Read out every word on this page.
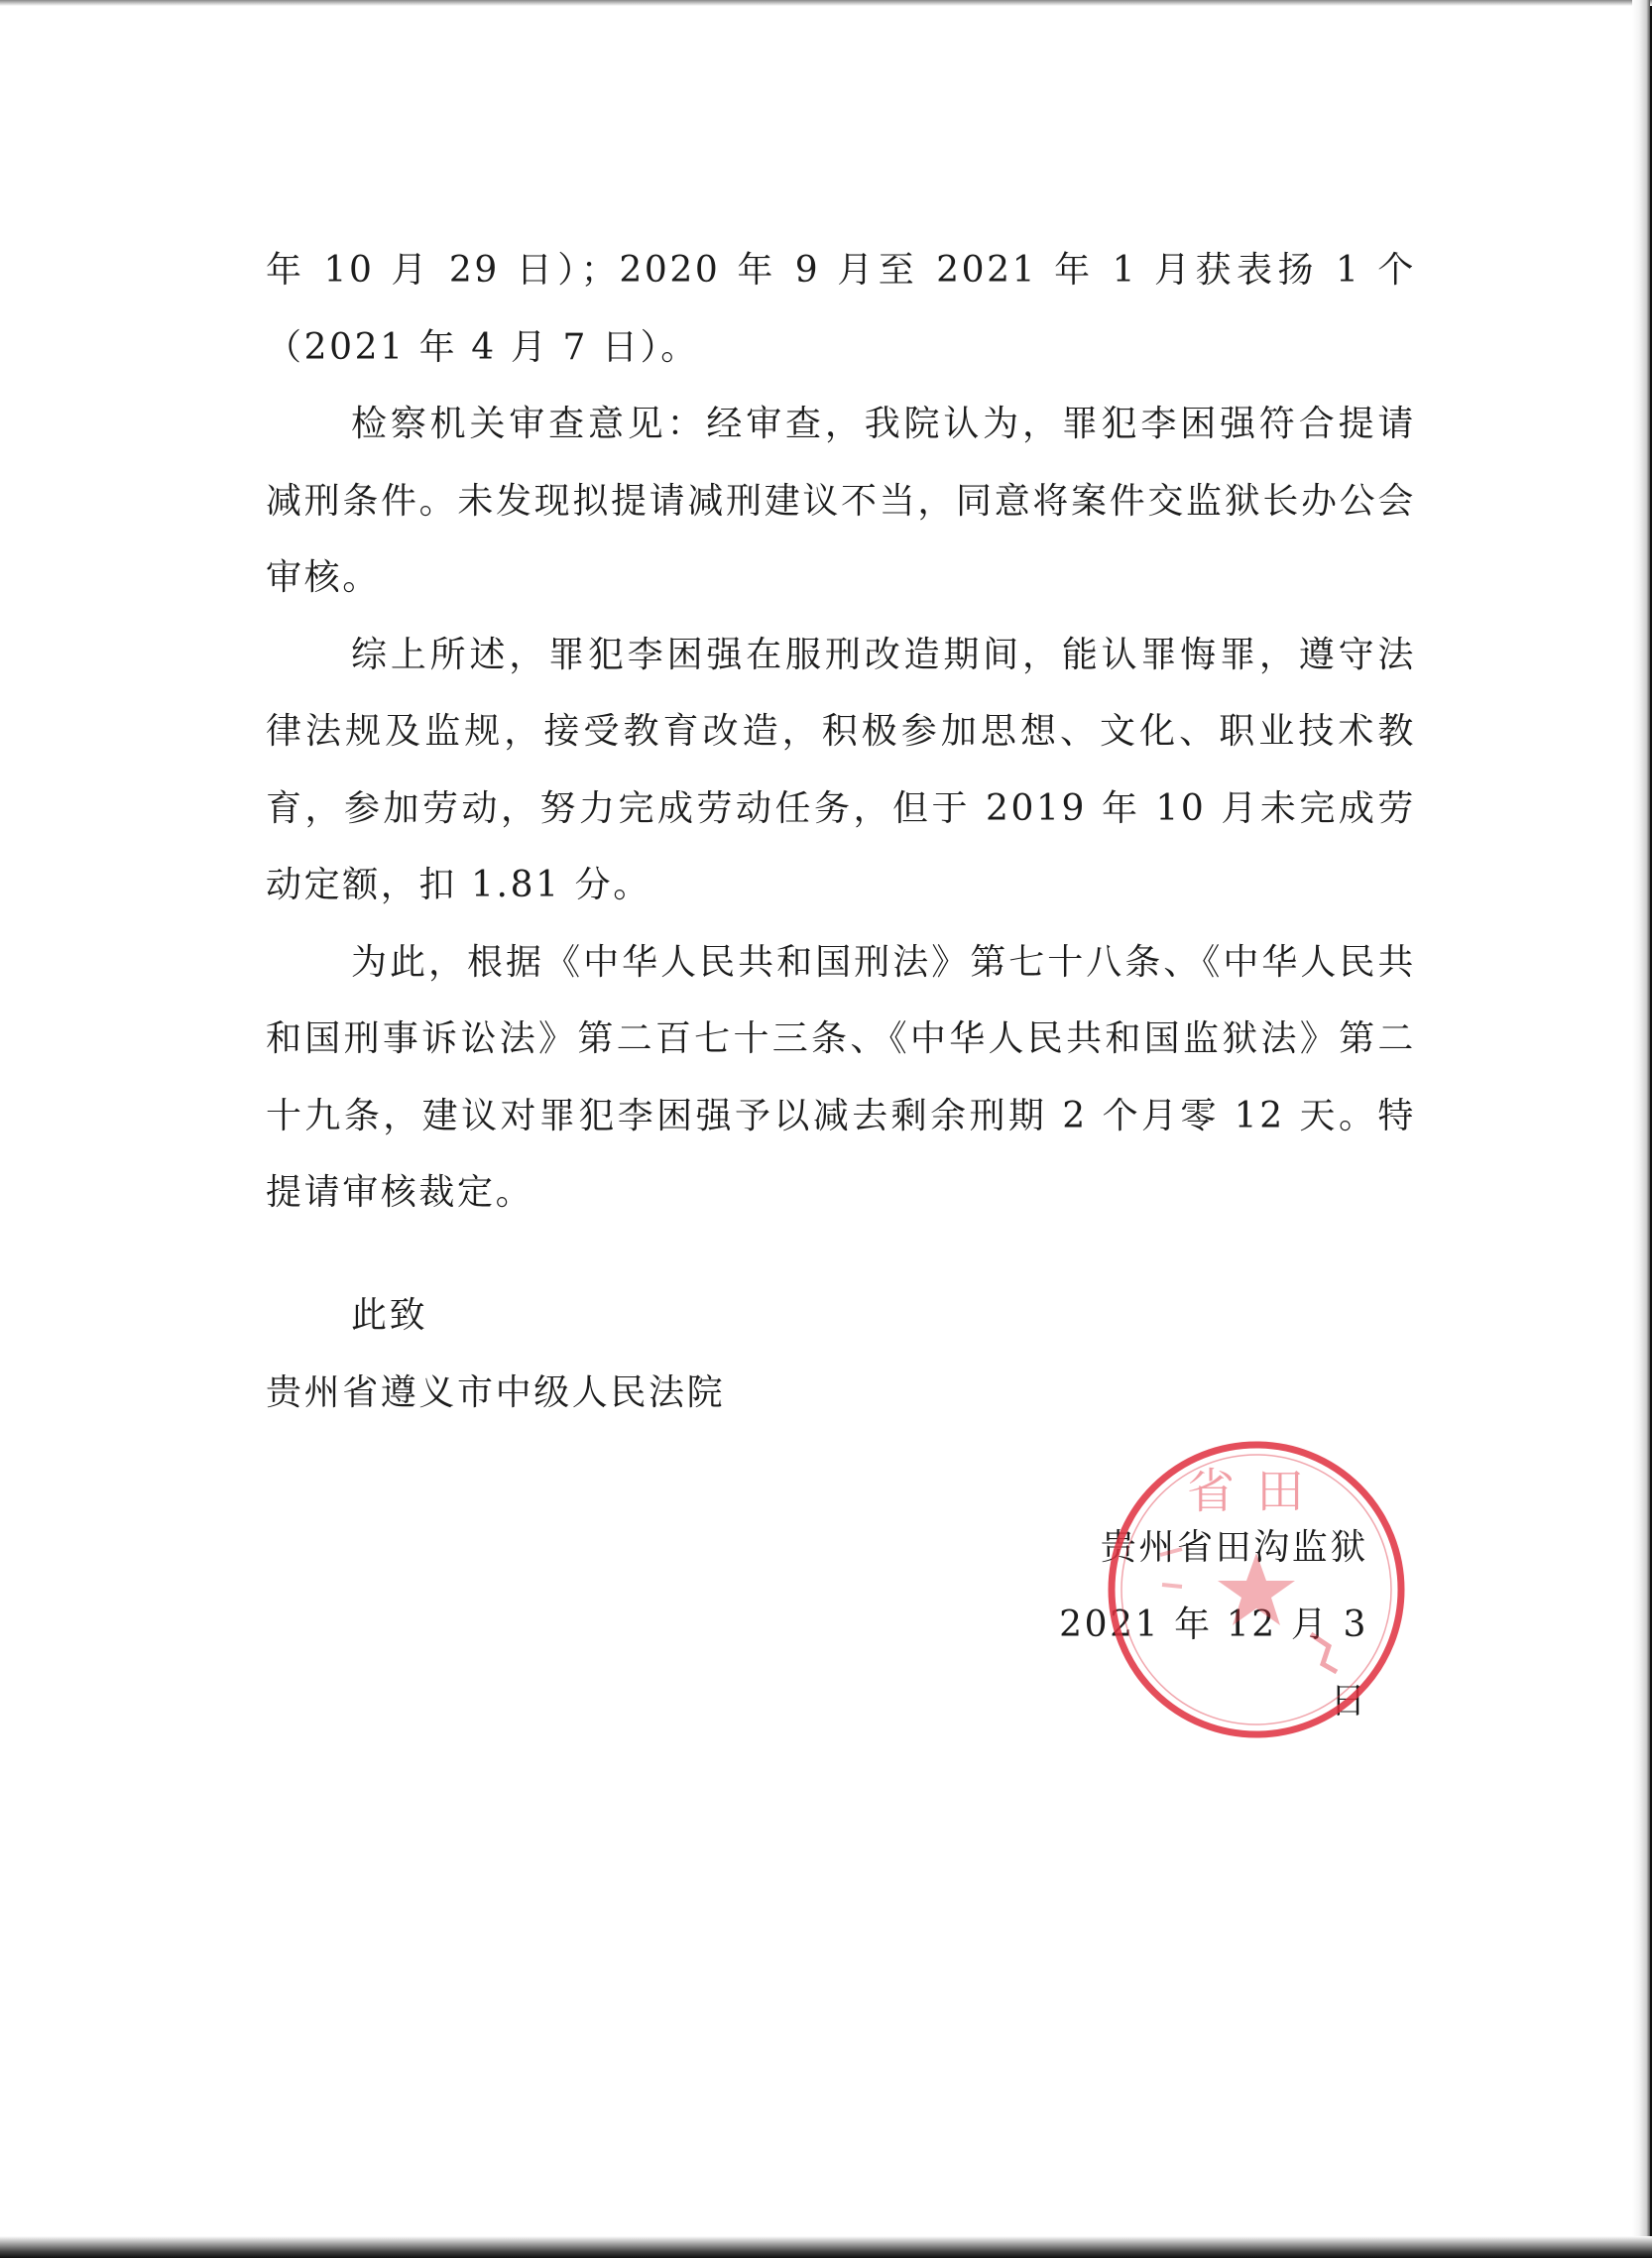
年 10 月 29 日）；2020 年 9 月至 2021 年 1 月获表扬 1 个（2021 年 4 月 7 日）。

检察机关审查意见：经审查，我院认为，罪犯李困强符合提请减刑条件。未发现拟提请减刑建议不当，同意将案件交监狱长办公会审核。

综上所述，罪犯李困强在服刑改造期间，能认罪悔罪，遵守法律法规及监规，接受教育改造，积极参加思想、文化、职业技术教育，参加劳动，努力完成劳动任务，但于 2019 年 10 月未完成劳动定额，扣 1.81 分。

为此，根据《中华人民共和国刑法》第七十八条、《中华人民共和国刑事诉讼法》第二百七十三条、《中华人民共和国监狱法》第二十九条，建议对罪犯李困强予以减去剩余刑期 2 个月零 12 天。特提请审核裁定。

此致
贵州省遵义市中级人民法院
贵州省田沟监狱
2021 年 12 月 3 日
省田
